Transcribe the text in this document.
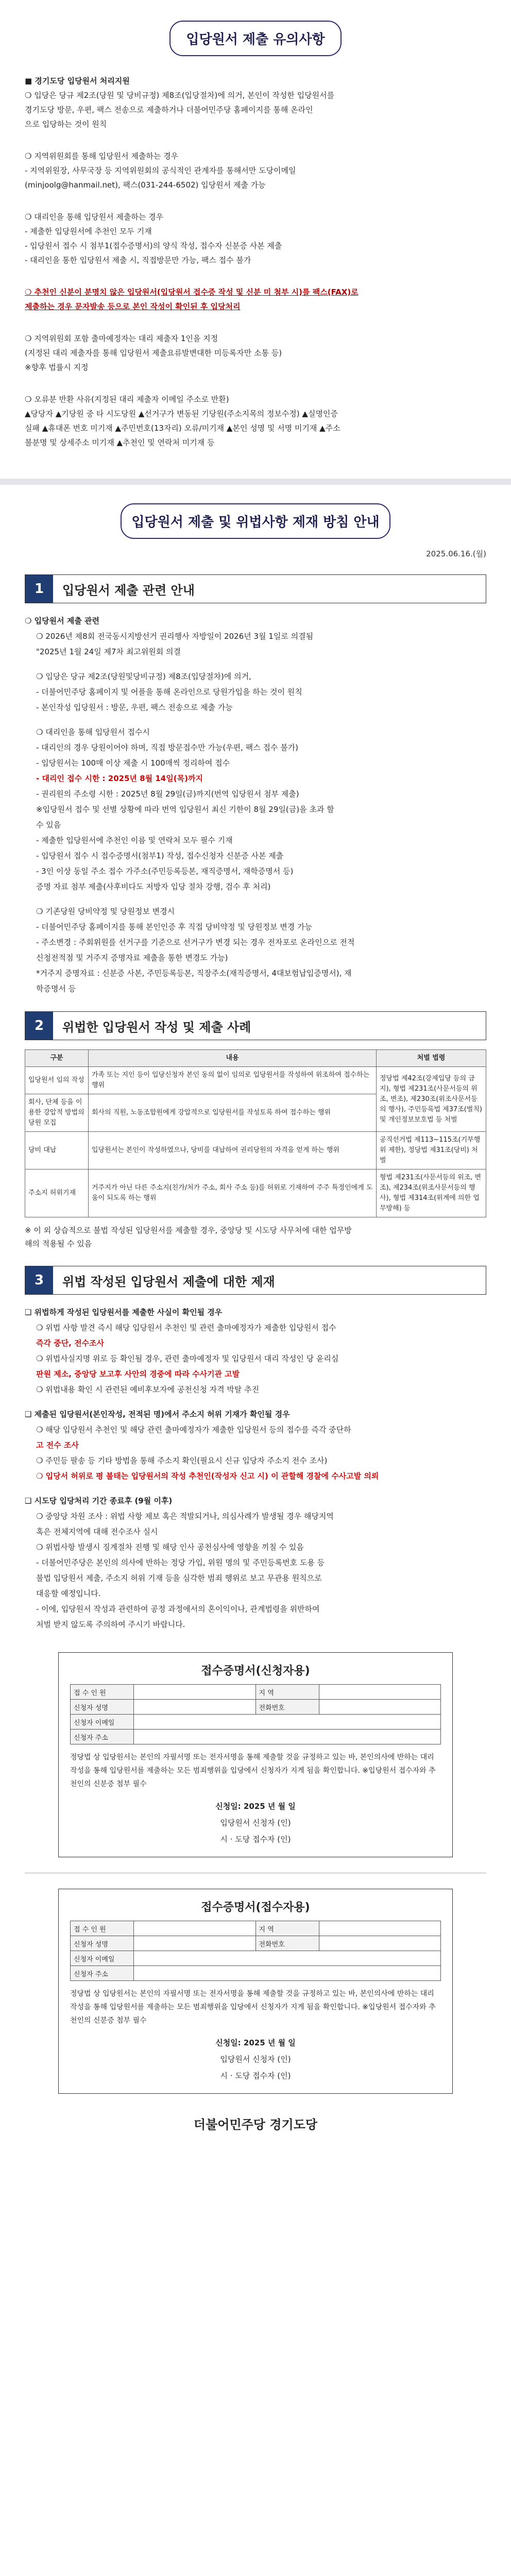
입당원서 제출 유의사항

■ 경기도당 입당원서 처리지원

❍ 입당은 당규 제2조(당원 및 당비규정) 제8조(입당절차)에 의거, 본인이 작성한 입당원서를

경기도당 방문, 우편, 팩스 전송으로 제출하거나 더불어민주당 홈페이지를 통해 온라인

으로 입당하는 것이 원칙

❍ 지역위원회를 통해 입당원서 제출하는 경우

- 지역위원장, 사무국장 등 지역위원회의 공식적인 관계자를 통해서만 도당이메일

(minjoolg@hanmail.net), 팩스(031-244-6502) 입당원서 제출 가능

❍ 대리인을 통해 입당원서 제출하는 경우

- 제출한 입당원서에 추천인 모두 기재

- 입당원서 접수 시 첨부1(접수증명서)의 양식 작성, 접수자 신분증 사본 제출

- 대리인을 통한 입당원서 제출 시, 직접방문만 가능, 팩스 접수 불가

❍ 추천인 신분이 분명치 않은 입당원서(입당원서 접수증 작성 및 신분 미 첨부 시)를 팩스(FAX)로

제출하는 경우 문자발송 등으로 본인 작성이 확인된 후 입당처리

❍ 지역위원회 포함 출마예정자는 대리 제출자 1인을 지정

(지정된 대리 제출자를 통해 입당원서 제출요류발변대한 미등록자만 소통 등)

※향후 법률시 지정

❍ 오류분 반환 사유(지정된 대리 제출자 이메일 주소로 반환)

▲당당자 ▲기당원 중 타 시도당원 ▲선거구가 변동된 기당원(주소지목의 정보수정) ▲실명인증

실패 ▲휴대폰 번호 미기재 ▲주민번호(13자리) 오류/미기재 ▲본인 성명 및 서명 미기재 ▲주소

불분명 및 상세주소 미기재 ▲추천인 및 연락처 미기재 등

입당원서 제출 및 위법사항 제재 방침 안내
2025.06.16.(월)
1	입당원서 제출 관련 안내

❍ 입당원서 제출 관련

❍ 2026년 제8회 전국동시지방선거 권리행사 자방일이 2026년 3월 1일로 의결됨

"2025년 1월 24일 제7차 최고위원회 의결

❍ 입당은 당규 제2조(당원및당비규정) 제8조(입당절차)에 의거,

- 더불어민주당 홈페이지 및 어플을 통해 온라인으로 당원가입을 하는 것이 원칙

- 본인작성 입당원서 : 방문, 우편, 팩스 전송으로 제출 가능

❍ 대리인을 통해 입당원서 접수시

- 대리인의 경우 당원이어야 하며, 직접 방문접수만 가능(우편, 팩스 접수 불가)

- 입당원서는 100매 이상 제출 시 100매씩 정리하여 접수

- 대리인 접수 시한 : 2025년 8월 14일(목)까지

- 권리원의 주소령 시한 : 2025년 8월 29일(금)까지(번역 입당원서 첨부 제출)

※입당원서 접수 및 선별 상황에 따라 번역 입당원서 최신 기한이 8월 29일(금)을 초과 할

수 있음

- 제출한 입당원서에 추천인 이름 및 연락처 모두 필수 기재

- 입당원서 접수 시 접수증명서(첨부1) 작성, 접수신청자 신분증 사본 제출

- 3인 이상 동일 주소 접수 가주소(주민등록등본, 재직증명서, 재학증명서 등)

증명 자료 첨부 제출(사후비다도 저방자 입당 절차 강행, 검수 후 처리)

❍ 기존당원 당비약정 및 당원정보 변경시

- 더불어민주당 홈페이지를 통해 본인인증 후 직접 당비약정 및 당원정보 변경 가능

- 주소변경 : 주회위원를 선거구를 기준으로 선거구가 변경 되는 경우 전자포로 온라인으로 전적

신청전적점 및 거주지 증명자료 제출을 통한 변경도 가능)

*거주지 증명자료 : 신분증 사본, 주민등록등본, 직장주소(재직증명서, 4대보험납입증명서), 재

학증명서 등

2	위법한 입당원서 작성 및 제출 사례
구분	내용	처벌 법령
입당원서 임의 작성	가족 또는 지인 등이 입당신청자 본인 동의 없이 임의로 입당원서를 작성하여 위조하여 접수하는 행위	정당법 제42조(강제입당 등의 금지), 형법 제231조(사문서등의 위조, 변조), 제230조(위조사문서등의 행사), 주민등록법 제37조(벌칙) 및 개인정보보호법 등 처벌
회사, 단체 등을 이용한 강압적 방법의 당원 모집	회사의 직원, 노동조합원에게 강압적으로 입당원서를 작성토록 하여 접수하는 행위	
당비 대납	입당원서는 본인이 작성하였으나, 당비를 대납하여 권리당원의 자격을 얻게 하는 행위	공직선거법 제113~115조(기부행위 제한), 정당법 제31조(당비) 처벌
주소지 허위기재	거주지가 아닌 다른 주소지(친가/처가 주소, 회사 주소 등)를 허위로 기재하여 주주 특정인에게 도움이 되도록 하는 행위	형법 제231조(사문서등의 위조, 변조), 제234조(위조사문서등의 행사), 형법 제314조(위계에 의한 업무방해) 등

※ 이 외 상습적으로 불법 작성된 입당원서를 제출할 경우, 중앙당 및 시도당 사무처에 대한 업무방

해의 적용될 수 있음

3	위법 작성된 입당원서 제출에 대한 제재

❑ 위법하게 작성된 입당원서를 제출한 사실이 확인될 경우

❍ 위법 사항 발견 즉시 해당 입당원서 추천인 및 관련 출마예정자가 제출한 입당원서 접수

즉각 중단, 전수조사

❍ 위법사실지명 위로 등 확인될 경우, 관련 출마예정자 및 입당원서 대리 작성인 당 윤리심

판원 제소, 중앙당 보고후 사안의 경중에 따라 수사기관 고발

❍ 위법내용 확인 시 관련된 예비후보자에 공천신청 자격 박탈 추진

❑ 제출된 입당원서(본인작성, 전적된 명)에서 주소지 허위 기재가 확인될 경우

❍ 해당 입당원서 추천인 및 해당 관련 출마예정자가 제출한 입당원서 등의 접수를 즉각 중단하

고 전수 조사

❍ 주민등 팔송 등 기타 방법을 통해 주소지 확인(필요시 신규 입당자 주소지 전수 조사)

❍ 입당서 허위로 평 불태는 입당원서의 작성 추천인(작성자 신고 시) 이 관할해 경찰에 수사고발 의뢰

❑ 시도당 입당처리 기간 종료후 (9월 이후)

❍ 중앙당 차원 조사 : 위법 사항 제보 혹은 적발되거나, 의심사례가 발생될 경우 해당지역

혹은 전체지역에 대해 전수조사 실시

❍ 위법사항 발생시 징계절차 진행 및 해당 인사 공천심사에 영향을 끼칠 수 있음

- 더불어민주당은 본인의 의사에 반하는 정당 가입, 위원 명의 및 주민등록번호 도용 등

불법 입당원서 제출, 주소지 허위 기재 등을 심각한 범죄 행위로 보고 무관용 원칙으로

대응할 예정입니다.

- 이에, 입당원서 작성과 관련하여 공정 과정에서의 혼이익이나, 관계법령을 위반하여

처벌 받지 않도록 주의하여 주시기 바랍니다.

접수증명서(신청자용)
접 수 인 원		지 역	
신청자 성명		전화번호	
신청자 이메일			
신청자 주소			
정당법 상 입당원서는 본인의 자필서명 또는 전자서명을 통해 제출할 것을 규정하고 있는 바, 본인의사에 반하는 대리작성을 통해 입당원서를 제출하는 모든 범죄행위을 입당에서 신청자가 지게 됨을 확인합니다. ※입당원서 접수자와 추천인의 신분증 첨부 필수
신청일: 2025 년 월 일
입당원서 신청자 (인)
시 · 도당 접수자 (인)
접수증명서(접수자용)
접 수 인 원		지 역	
신청자 성명		전화번호	
신청자 이메일			
신청자 주소			
정당법 상 입당원서는 본인의 자필서명 또는 전자서명을 통해 제출할 것을 규정하고 있는 바, 본인의사에 반하는 대리작성을 통해 입당원서를 제출하는 모든 범죄행위을 입당에서 신청자가 지게 됨을 확인합니다. ※입당원서 접수자와 추천인의 신분증 첨부 필수
신청일: 2025 년 월 일
입당원서 신청자 (인)
시 · 도당 접수자 (인)
더불어민주당 경기도당
